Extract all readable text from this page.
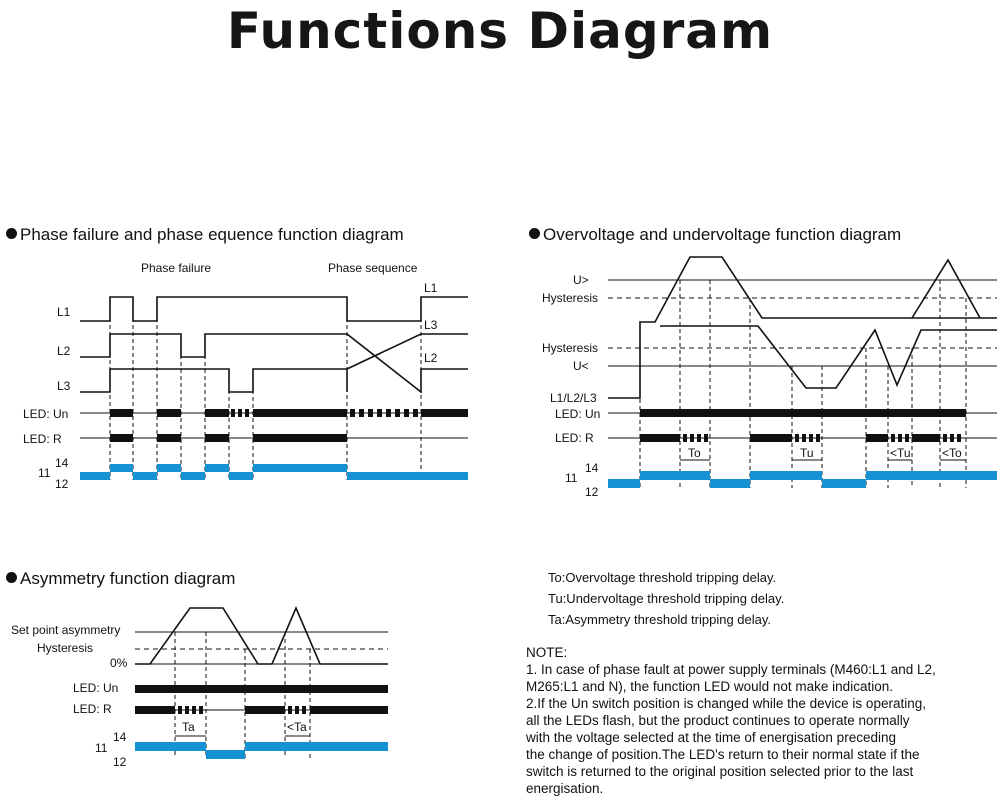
Functions Diagram
Phase failure and phase equence function diagram	Overvoltage and undervoltage function diagram
Asymmetry function diagram
Phase failure	Phase sequence
L1
L2
L3
LED: Un
LED: R
14
11
12
L1
L3
L2
U>
Hysteresis
Hysteresis
U<
L1/L2/L3
LED: Un
LED: R
14
11
12
To	Tu	<Tu	<To
Set point asymmetry
Hysteresis
0%
LED: Un
LED: R
14
11
12
Ta	<Ta
To:Overvoltage threshold tripping delay.
Tu:Undervoltage threshold tripping delay.
Ta:Asymmetry threshold tripping delay.
NOTE:
1. In case of phase fault at power supply terminals (M460:L1 and L2,
M265:L1 and N), the function LED would not make indication.
2.If the Un switch position is changed while the device is operating,
all the LEDs flash, but the product continues to operate normally
with the voltage selected at the time of energisation preceding
the change of position.The LED's return to their normal state if the
switch is returned to the original position selected prior to the last
energisation.
